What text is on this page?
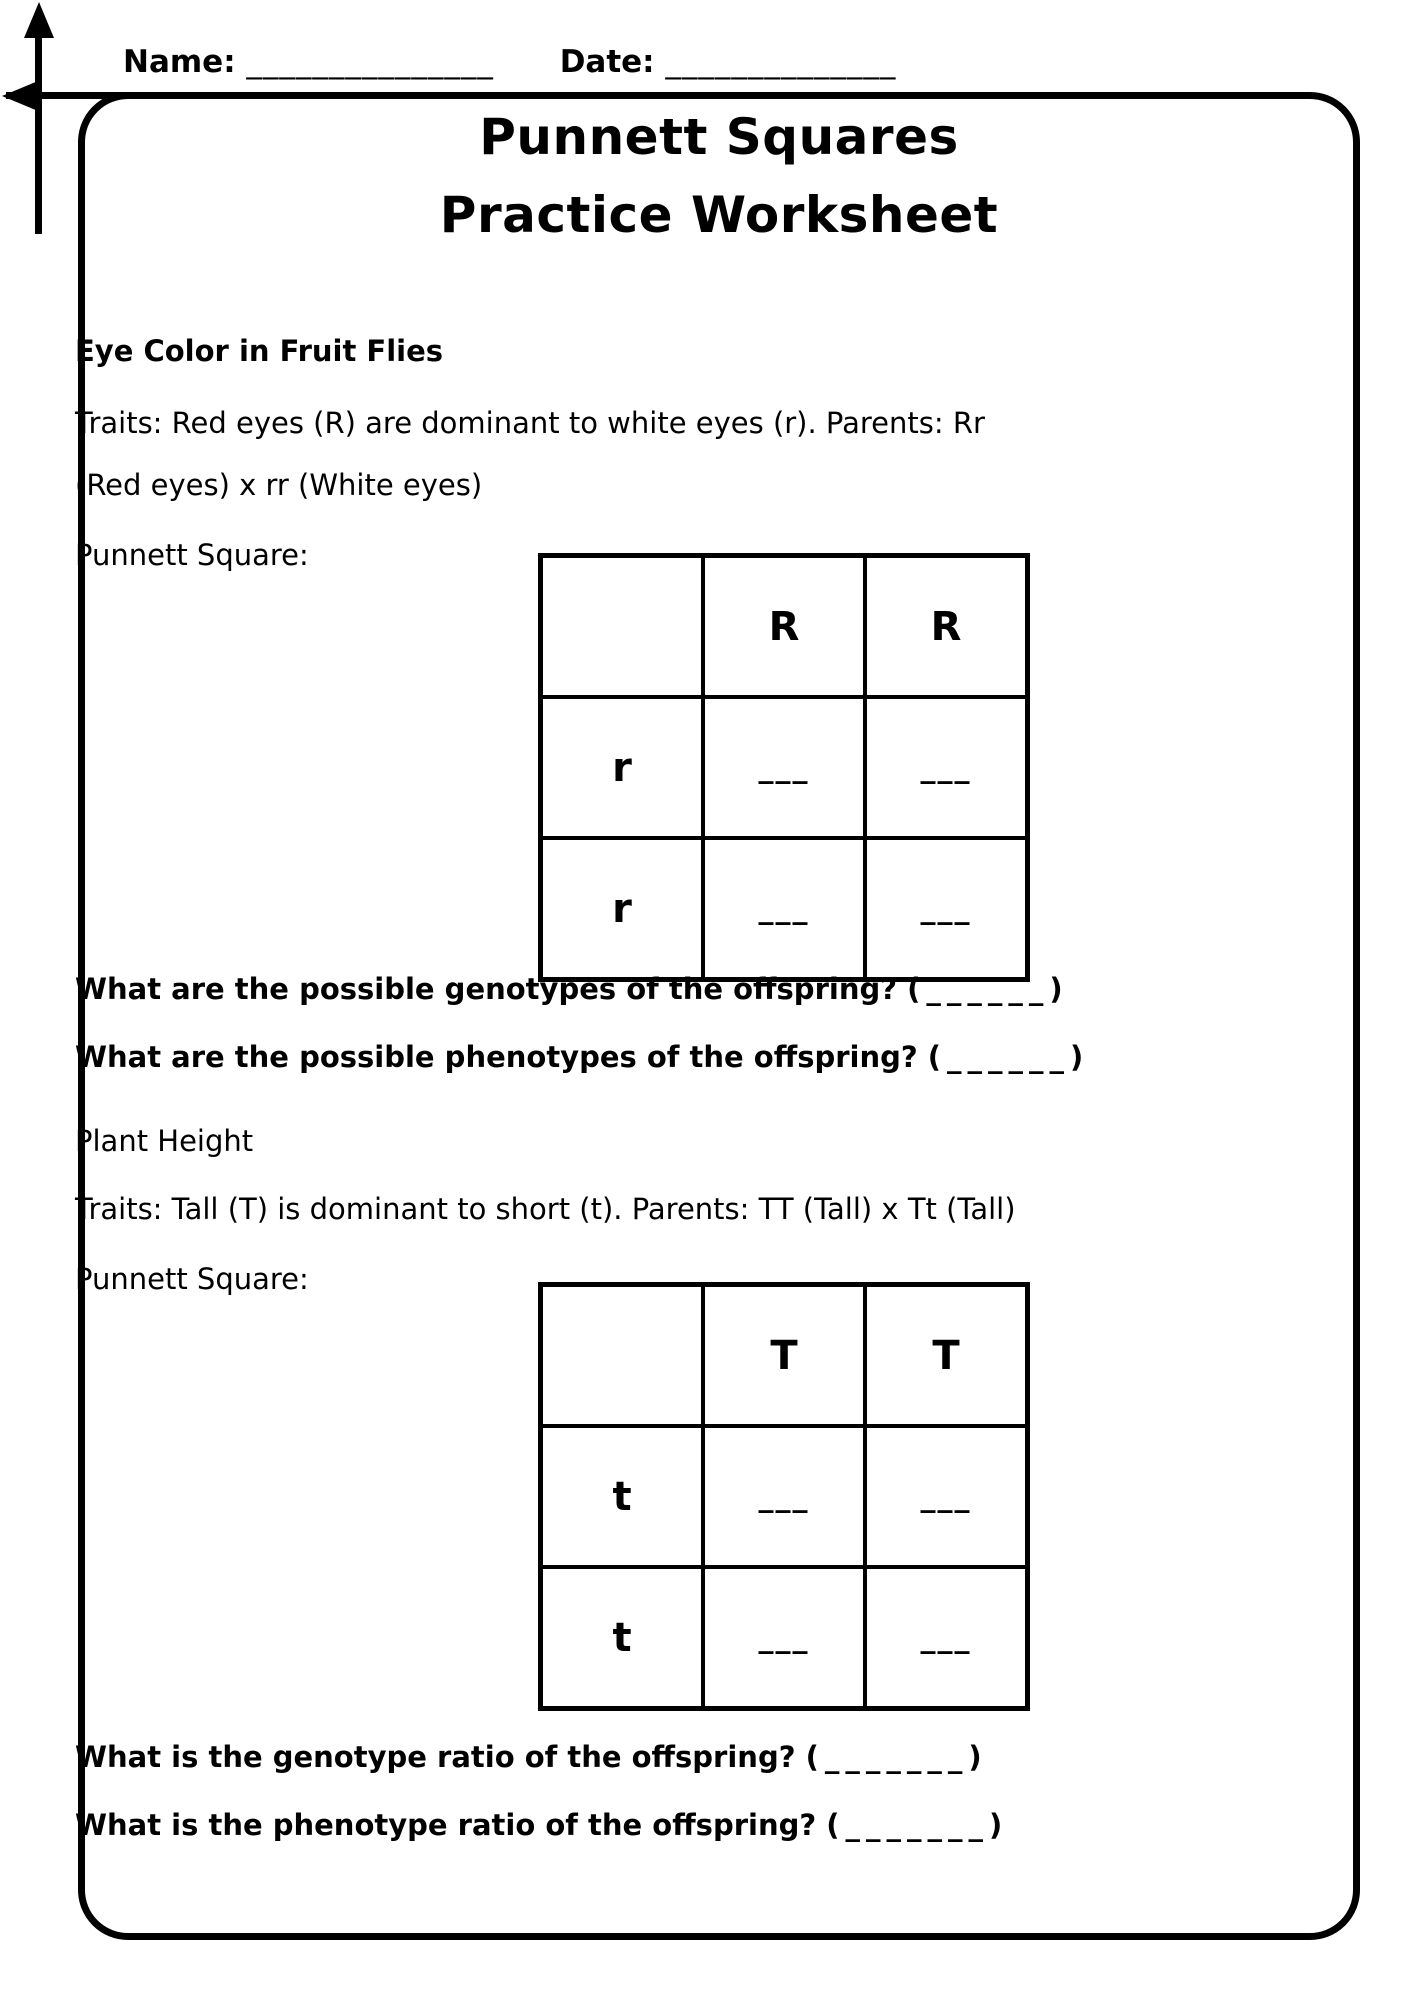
Name: _______________ Date: ______________
Punnett Squares
Practice Worksheet
Eye Color in Fruit Flies
Traits: Red eyes (R) are dominant to white eyes (r). Parents: Rr
(Red eyes) x rr (White eyes)
Punnett Square:
	R	R
r	___	___
r	___	___
What are the possible genotypes of the offspring? (______)
What are the possible phenotypes of the offspring? (______)
Plant Height
Traits: Tall (T) is dominant to short (t). Parents: TT (Tall) x Tt (Tall)
Punnett Square:
	T	T
t	___	___
t	___	___
What is the genotype ratio of the offspring? (_______)
What is the phenotype ratio of the offspring? (_______)
